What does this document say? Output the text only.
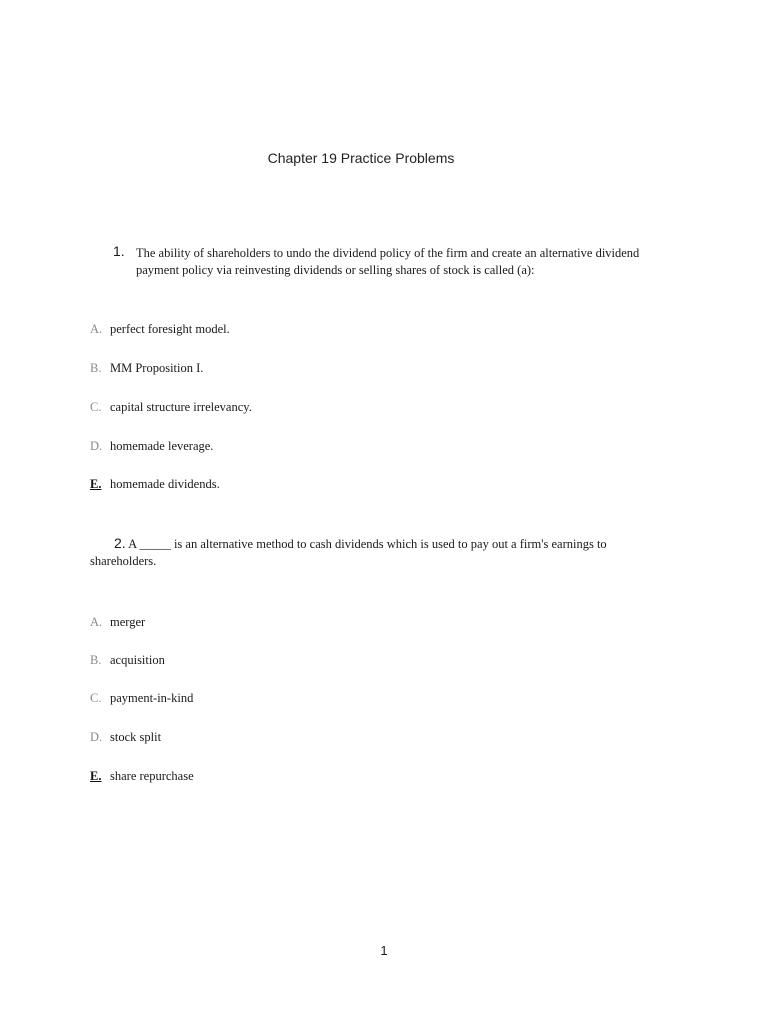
Chapter 19 Practice Problems
1. The ability of shareholders to undo the dividend policy of the firm and create an alternative dividend payment policy via reinvesting dividends or selling shares of stock is called (a):
A. perfect foresight model.
B. MM Proposition I.
C. capital structure irrelevancy.
D. homemade leverage.
E. homemade dividends.
2. A _____ is an alternative method to cash dividends which is used to pay out a firm's earnings to shareholders.
A. merger
B. acquisition
C. payment-in-kind
D. stock split
E. share repurchase
1
